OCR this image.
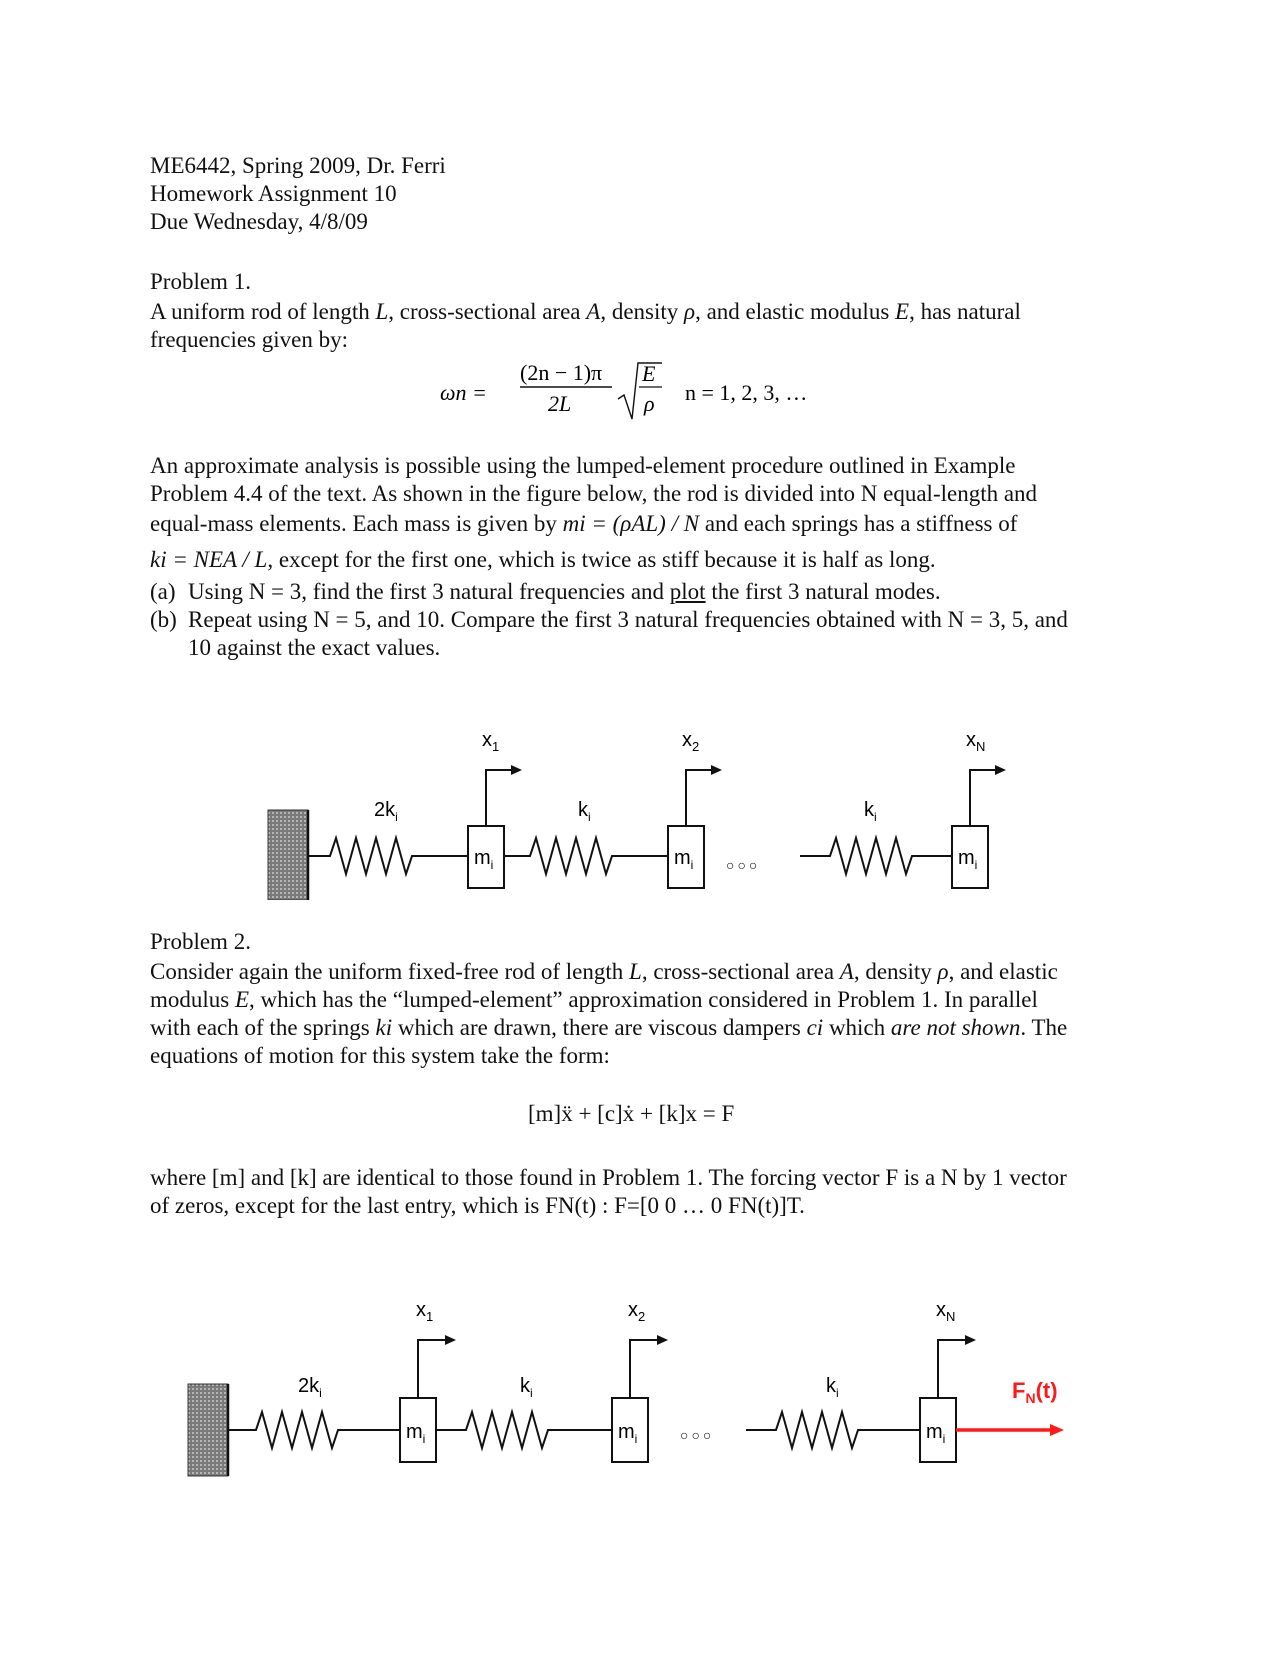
ME6442, Spring 2009, Dr. Ferri
Homework Assignment 10
Due Wednesday, 4/8/09
Problem 1.
A uniform rod of length L, cross-sectional area A, density ρ, and elastic modulus E, has natural
frequencies given by:
ωn =
(2n − 1)π
2L
E
ρ n = 1, 2, 3, …
An approximate analysis is possible using the lumped-element procedure outlined in Example
Problem 4.4 of the text. As shown in the figure below, the rod is divided into N equal-length and
equal-mass elements. Each mass is given by mi = (ρAL) / N and each springs has a stiffness of
ki = NEA / L, except for the first one, which is twice as stiff because it is half as long.
(a) Using N = 3, find the first 3 natural frequencies and plot the first 3 natural modes.
(b) Repeat using N = 5, and 10. Compare the first 3 natural frequencies obtained with N = 3, 5, and
10 against the exact values.
○○○
$x_1$	$x_2$	$x_N$
$2k_i$	$k_i$	$k_i$
$m_i$	$m_i$	$m_i$
Problem 2.
Consider again the uniform fixed-free rod of length L, cross-sectional area A, density ρ, and elastic
modulus E, which has the “lumped-element” approximation considered in Problem 1. In parallel
with each of the springs ki which are drawn, there are viscous dampers ci which are not shown. The
equations of motion for this system take the form:
[m]ẍ + [c]ẋ + [k]x = F
where [m] and [k] are identical to those found in Problem 1. The forcing vector F is a N by 1 vector
of zeros, except for the last entry, which is FN(t) : F=[0 0 … 0 FN(t)]T.
○○○
$F_N(t)$
$x_1$	$x_2$	$x_N$
$2k_i$	$k_i$	$k_i$
$m_i$	$m_i$	$m_i$
